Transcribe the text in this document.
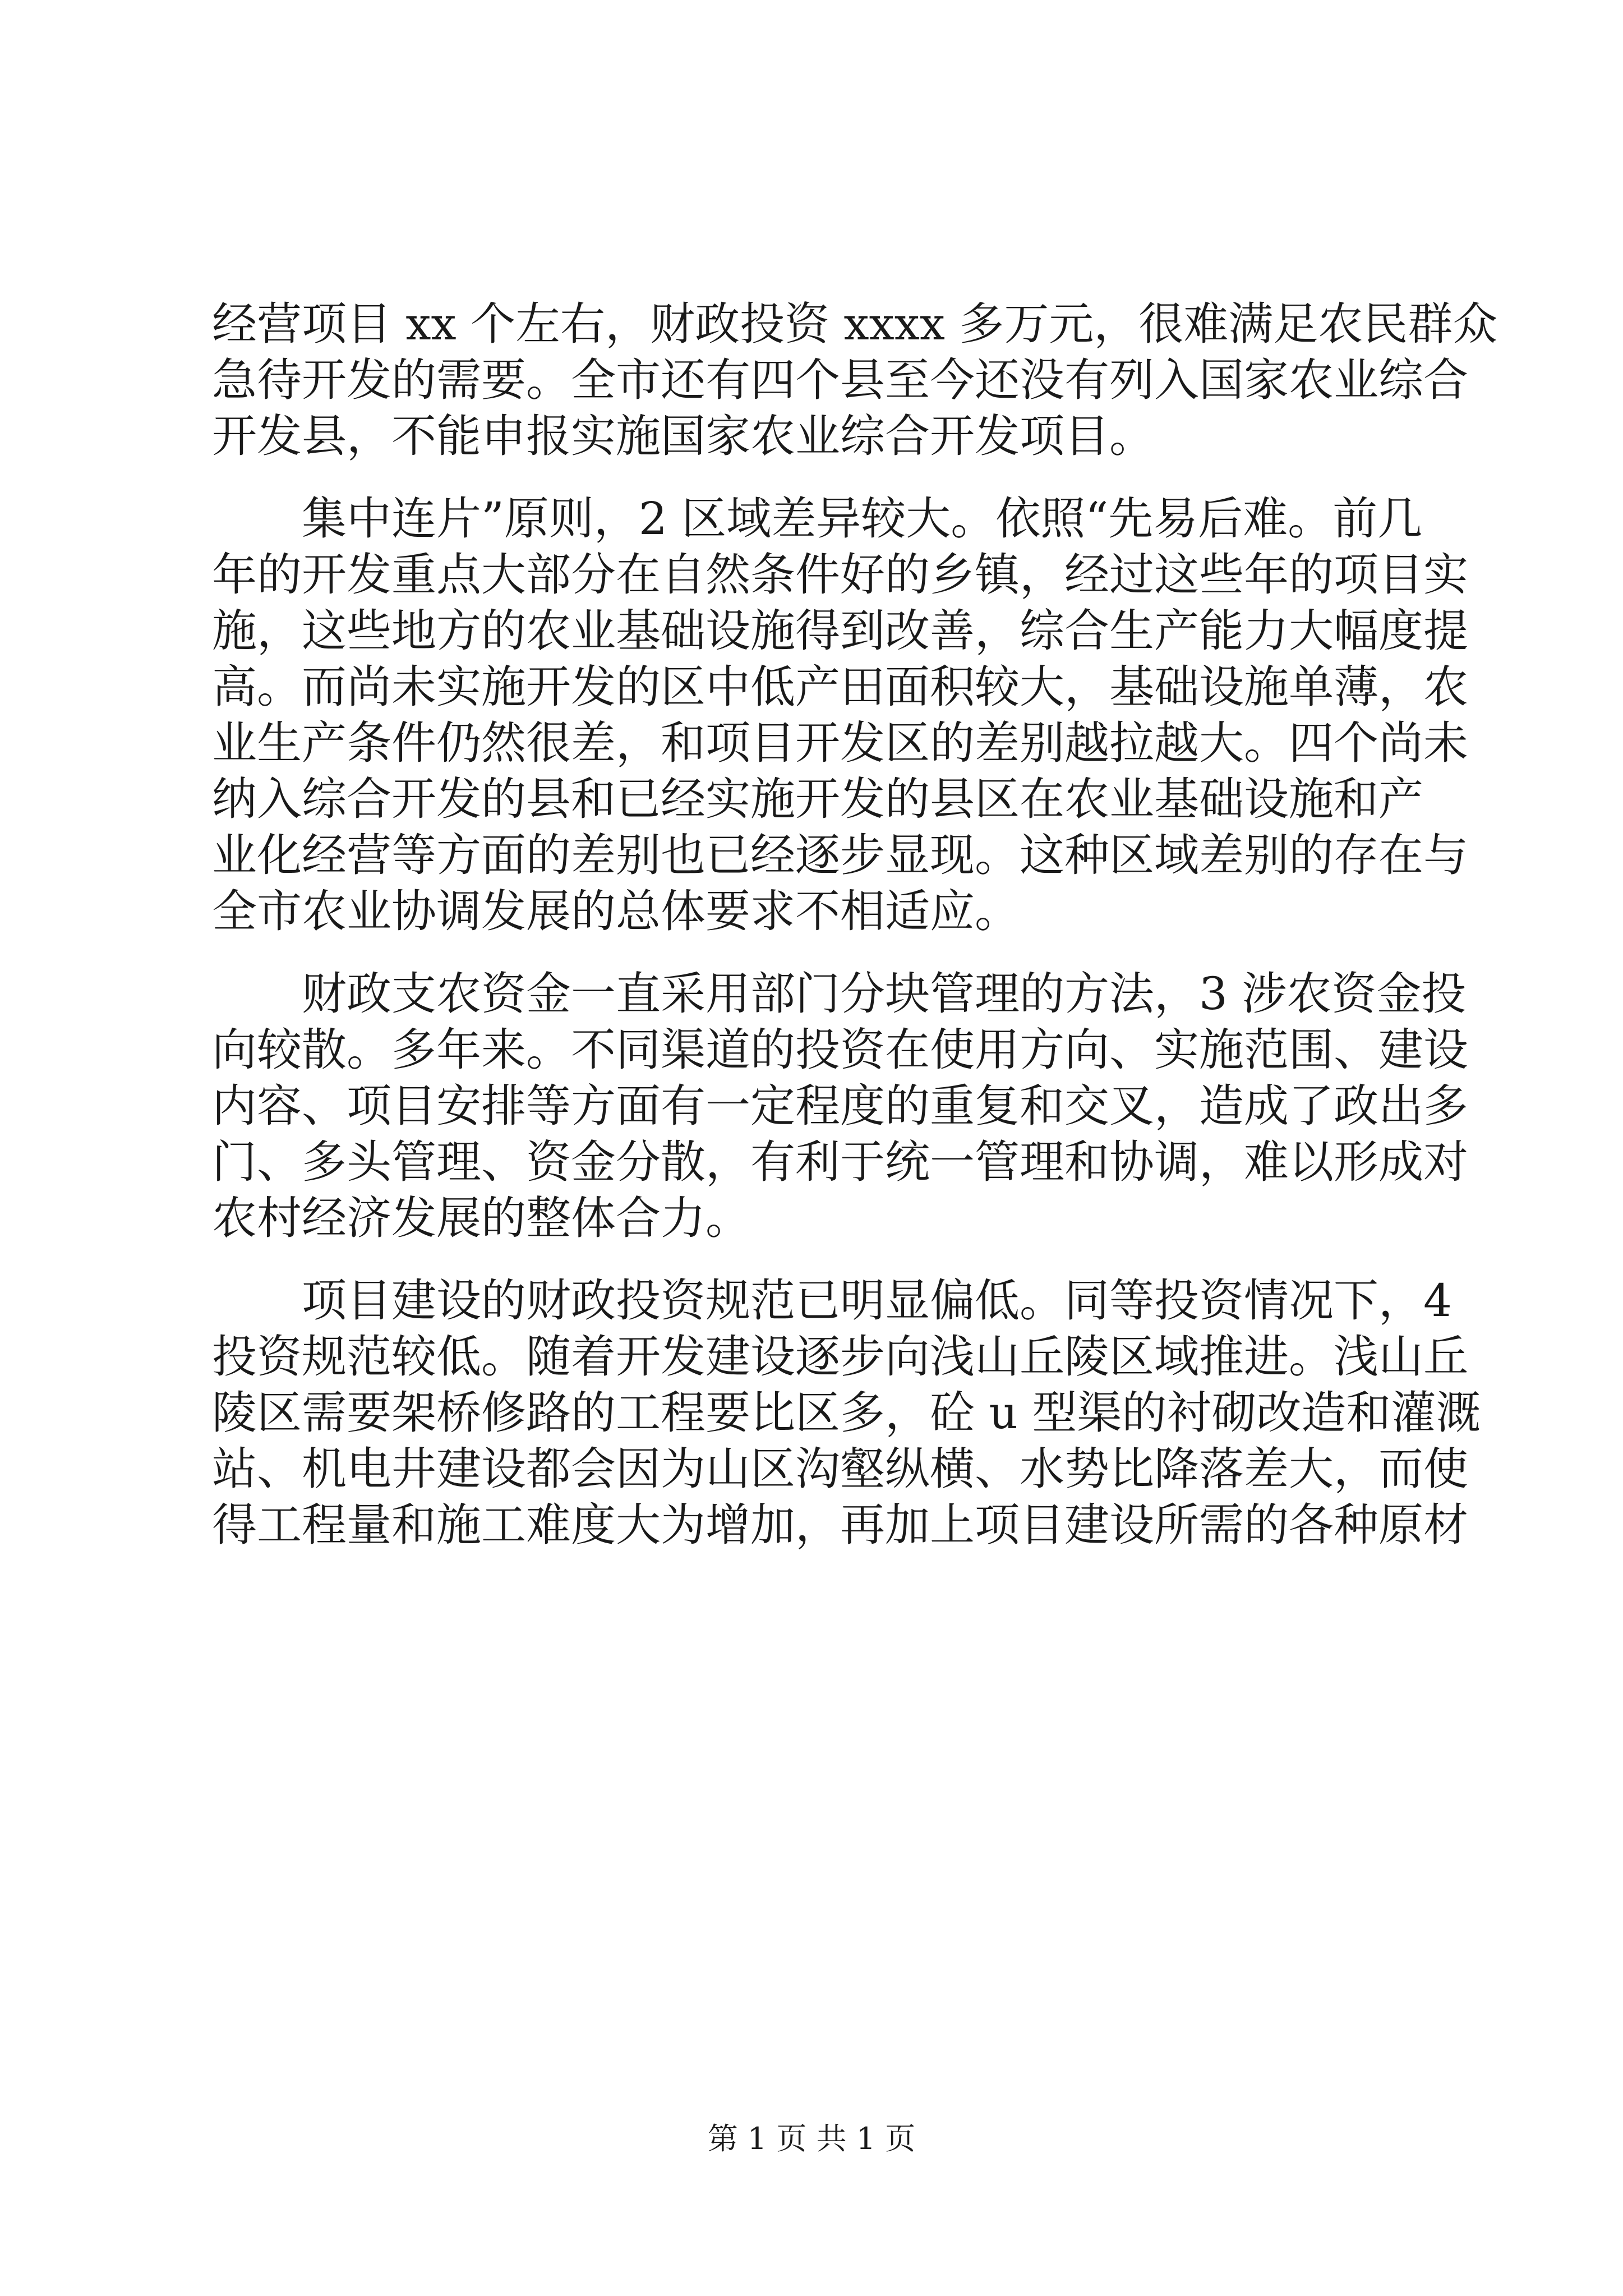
经营项目 xx 个左右，财政投资 xxxx 多万元，很难满足农民群众
急待开发的需要。全市还有四个县至今还没有列入国家农业综合
开发县，不能申报实施国家农业综合开发项目。
　　集中连片”原则，2 区域差异较大。依照“先易后难。前几
年的开发重点大部分在自然条件好的乡镇，经过这些年的项目实
施，这些地方的农业基础设施得到改善，综合生产能力大幅度提
高。而尚未实施开发的区中低产田面积较大，基础设施单薄，农
业生产条件仍然很差，和项目开发区的差别越拉越大。四个尚未
纳入综合开发的县和已经实施开发的县区在农业基础设施和产
业化经营等方面的差别也已经逐步显现。这种区域差别的存在与
全市农业协调发展的总体要求不相适应。
　　财政支农资金一直采用部门分块管理的方法，3 涉农资金投
向较散。多年来。不同渠道的投资在使用方向、实施范围、建设
内容、项目安排等方面有一定程度的重复和交叉，造成了政出多
门、多头管理、资金分散，有利于统一管理和协调，难以形成对
农村经济发展的整体合力。
　　项目建设的财政投资规范已明显偏低。同等投资情况下，4
投资规范较低。随着开发建设逐步向浅山丘陵区域推进。浅山丘
陵区需要架桥修路的工程要比区多，砼 u 型渠的衬砌改造和灌溉
站、机电井建设都会因为山区沟壑纵横、水势比降落差大，而使
得工程量和施工难度大为增加，再加上项目建设所需的各种原材
第 1 页 共 1 页
